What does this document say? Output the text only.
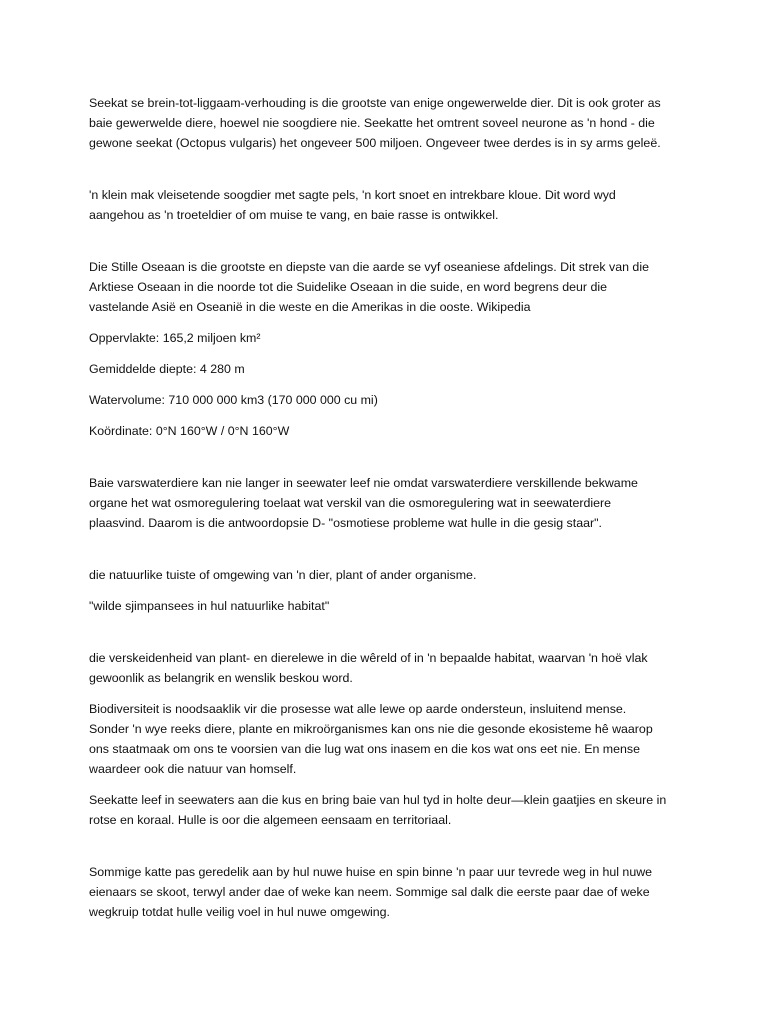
Seekat se brein-tot-liggaam-verhouding is die grootste van enige ongewerwelde dier. Dit is ook groter as
baie gewerwelde diere, hoewel nie soogdiere nie. Seekatte het omtrent soveel neurone as 'n hond - die
gewone seekat (Octopus vulgaris) het ongeveer 500 miljoen. Ongeveer twee derdes is in sy arms geleë.

'n klein mak vleisetende soogdier met sagte pels, 'n kort snoet en intrekbare kloue. Dit word wyd
aangehou as 'n troeteldier of om muise te vang, en baie rasse is ontwikkel.

Die Stille Oseaan is die grootste en diepste van die aarde se vyf oseaniese afdelings. Dit strek van die
Arktiese Oseaan in die noorde tot die Suidelike Oseaan in die suide, en word begrens deur die
vastelande Asië en Oseanië in die weste en die Amerikas in die ooste. Wikipedia

Oppervlakte: 165,2 miljoen km²

Gemiddelde diepte: 4 280 m

Watervolume: 710 000 000 km3 (170 000 000 cu mi)

Koördinate: 0°N 160°W / 0°N 160°W

Baie varswaterdiere kan nie langer in seewater leef nie omdat varswaterdiere verskillende bekwame
organe het wat osmoregulering toelaat wat verskil van die osmoregulering wat in seewaterdiere
plaasvind. Daarom is die antwoordopsie D- "osmotiese probleme wat hulle in die gesig staar".

die natuurlike tuiste of omgewing van 'n dier, plant of ander organisme.

"wilde sjimpansees in hul natuurlike habitat"

die verskeidenheid van plant- en dierelewe in die wêreld of in 'n bepaalde habitat, waarvan 'n hoë vlak
gewoonlik as belangrik en wenslik beskou word.

Biodiversiteit is noodsaaklik vir die prosesse wat alle lewe op aarde ondersteun, insluitend mense.
Sonder 'n wye reeks diere, plante en mikroörganismes kan ons nie die gesonde ekosisteme hê waarop
ons staatmaak om ons te voorsien van die lug wat ons inasem en die kos wat ons eet nie. En mense
waardeer ook die natuur van homself.

Seekatte leef in seewaters aan die kus en bring baie van hul tyd in holte deur—klein gaatjies en skeure in
rotse en koraal. Hulle is oor die algemeen eensaam en territoriaal.

Sommige katte pas geredelik aan by hul nuwe huise en spin binne 'n paar uur tevrede weg in hul nuwe
eienaars se skoot, terwyl ander dae of weke kan neem. Sommige sal dalk die eerste paar dae of weke
wegkruip totdat hulle veilig voel in hul nuwe omgewing.
